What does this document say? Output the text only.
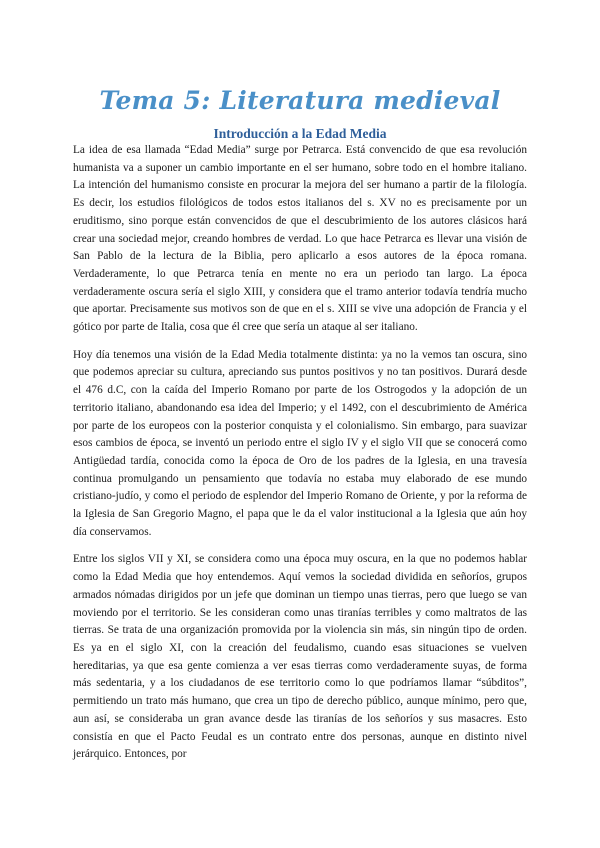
Tema 5: Literatura medieval
Introducción a la Edad Media

La idea de esa llamada “Edad Media” surge por Petrarca. Está convencido de que esa revolución humanista va a suponer un cambio importante en el ser humano, sobre todo en el hombre italiano. La intención del humanismo consiste en procurar la mejora del ser humano a partir de la filología. Es decir, los estudios filológicos de todos estos italianos del s. XV no es precisamente por un eruditismo, sino porque están convencidos de que el descubrimiento de los autores clásicos hará crear una sociedad mejor, creando hombres de verdad. Lo que hace Petrarca es llevar una visión de San Pablo de la lectura de la Biblia, pero aplicarlo a esos autores de la época romana. Verdaderamente, lo que Petrarca tenía en mente no era un periodo tan largo. La época verdaderamente oscura sería el siglo XIII, y considera que el tramo anterior todavía tendría mucho que aportar. Precisamente sus motivos son de que en el s. XIII se vive una adopción de Francia y el gótico por parte de Italia, cosa que él cree que sería un ataque al ser italiano.

Hoy día tenemos una visión de la Edad Media totalmente distinta: ya no la vemos tan oscura, sino que podemos apreciar su cultura, apreciando sus puntos positivos y no tan positivos. Durará desde el 476 d.C, con la caída del Imperio Romano por parte de los Ostrogodos y la adopción de un territorio italiano, abandonando esa idea del Imperio; y el 1492, con el descubrimiento de América por parte de los europeos con la posterior conquista y el colonialismo. Sin embargo, para suavizar esos cambios de época, se inventó un periodo entre el siglo IV y el siglo VII que se conocerá como Antigüedad tardía, conocida como la época de Oro de los padres de la Iglesia, en una travesía continua promulgando un pensamiento que todavía no estaba muy elaborado de ese mundo cristiano-judío, y como el periodo de esplendor del Imperio Romano de Oriente, y por la reforma de la Iglesia de San Gregorio Magno, el papa que le da el valor institucional a la Iglesia que aún hoy día conservamos.

Entre los siglos VII y XI, se considera como una época muy oscura, en la que no podemos hablar como la Edad Media que hoy entendemos. Aquí vemos la sociedad dividida en señoríos, grupos armados nómadas dirigidos por un jefe que dominan un tiempo unas tierras, pero que luego se van moviendo por el territorio. Se les consideran como unas tiranías terribles y como maltratos de las tierras. Se trata de una organización promovida por la violencia sin más, sin ningún tipo de orden. Es ya en el siglo XI, con la creación del feudalismo, cuando esas situaciones se vuelven hereditarias, ya que esa gente comienza a ver esas tierras como verdaderamente suyas, de forma más sedentaria, y a los ciudadanos de ese territorio como lo que podríamos llamar “súbditos”, permitiendo un trato más humano, que crea un tipo de derecho público, aunque mínimo, pero que, aun así, se consideraba un gran avance desde las tiranías de los señoríos y sus masacres. Esto consistía en que el Pacto Feudal es un contrato entre dos personas, aunque en distinto nivel jerárquico. Entonces, por
